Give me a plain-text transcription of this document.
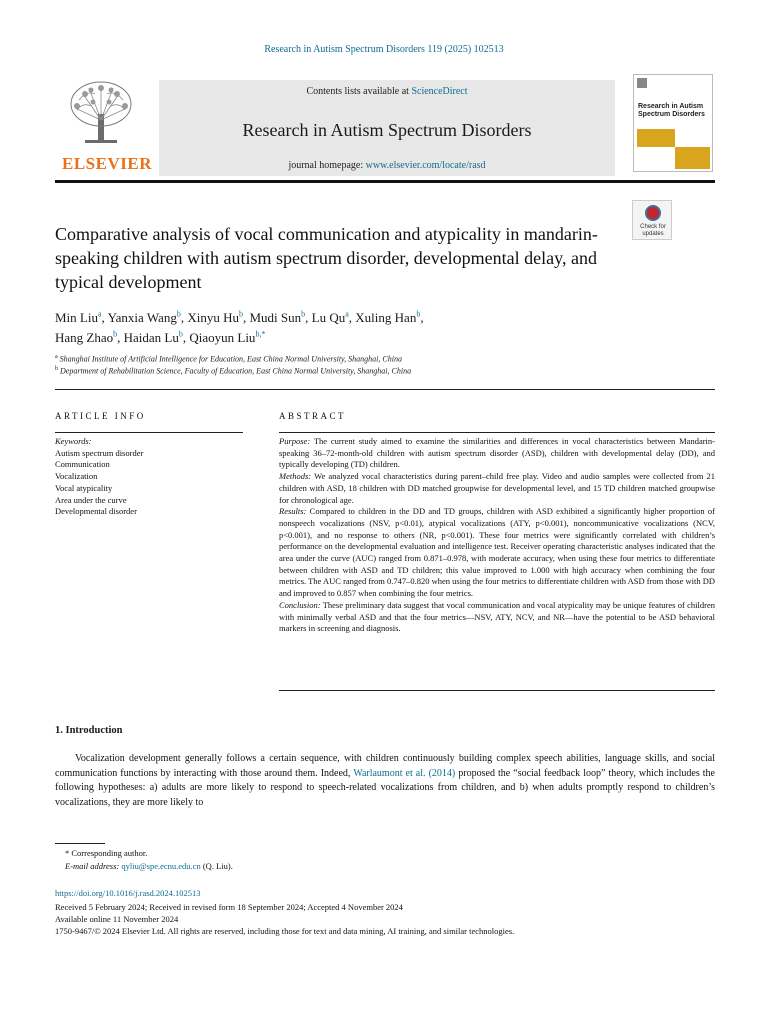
Research in Autism Spectrum Disorders 119 (2025) 102513
ELSEVIER
Contents lists available at ScienceDirect
Research in Autism Spectrum Disorders
journal homepage: www.elsevier.com/locate/rasd
Research in Autism Spectrum Disorders
Comparative analysis of vocal communication and atypicality in mandarin-speaking children with autism spectrum disorder, developmental delay, and typical development
Check for updates
Min Liu$^a$, Yanxia Wang$^b$, Xinyu Hu$^b$, Mudi Sun$^b$, Lu Qu$^a$, Xuling Han$^b$,
Hang Zhao$^b$, Haidan Lu$^b$, Qiaoyun Liu$^{b,*}$
$^a$ Shanghai Institute of Artificial Intelligence for Education, East China Normal University, Shanghai, China
$^b$ Department of Rehabilitation Science, Faculty of Education, East China Normal University, Shanghai, China
ARTICLE INFO	ABSTRACT
Keywords:
Autism spectrum disorder
Communication
Vocalization
Vocal atypicality
Area under the curve
Developmental disorder
Purpose: The current study aimed to examine the similarities and differences in vocal characteristics between Mandarin-speaking 36–72-month-old children with autism spectrum disorder (ASD), children with developmental delay (DD), and typically developing (TD) children.
Methods: We analyzed vocal characteristics during parent–child free play. Video and audio samples were collected from 21 children with ASD, 18 children with DD matched groupwise for developmental level, and 15 TD children matched groupwise for chronological age.
Results: Compared to children in the DD and TD groups, children with ASD exhibited a significantly higher proportion of nonspeech vocalizations (NSV, p<0.01), atypical vocalizations (ATY, p<0.001), noncommunicative vocalizations (NCV, p<0.001), and no response to others (NR, p<0.001). These four metrics were significantly correlated with children’s performance on the developmental evaluation and intelligence test. Receiver operating characteristic analyses indicated that the area under the curve (AUC) ranged from 0.871–0.978, with moderate accuracy, when using these four metrics to differentiate between children with ASD and TD children; this value improved to 1.000 with high accuracy when combining the four metrics. The AUC ranged from 0.747–0.820 when using the four metrics to differentiate children with ASD from those with DD and improved to 0.857 when combining the four metrics.
Conclusion: These preliminary data suggest that vocal communication and vocal atypicality may be unique features of children with minimally verbal ASD and that the four metrics—NSV, ATY, NCV, and NR—have the potential to be ASD behavioral markers in screening and diagnosis.
1. Introduction
Vocalization development generally follows a certain sequence, with children continuously building complex speech abilities, language skills, and social communication functions by interacting with those around them. Indeed, Warlaumont et al. (2014) proposed the “social feedback loop” theory, which includes the following hypotheses: a) adults are more likely to respond to speech-related vocalizations from children, and b) when adults promptly respond to children’s vocalizations, they are more likely to
* Corresponding author.
E-mail address: qyliu@spe.ecnu.edu.cn (Q. Liu).
https://doi.org/10.1016/j.rasd.2024.102513
Received 5 February 2024; Received in revised form 18 September 2024; Accepted 4 November 2024
Available online 11 November 2024
1750-9467/© 2024 Elsevier Ltd. All rights are reserved, including those for text and data mining, AI training, and similar technologies.
